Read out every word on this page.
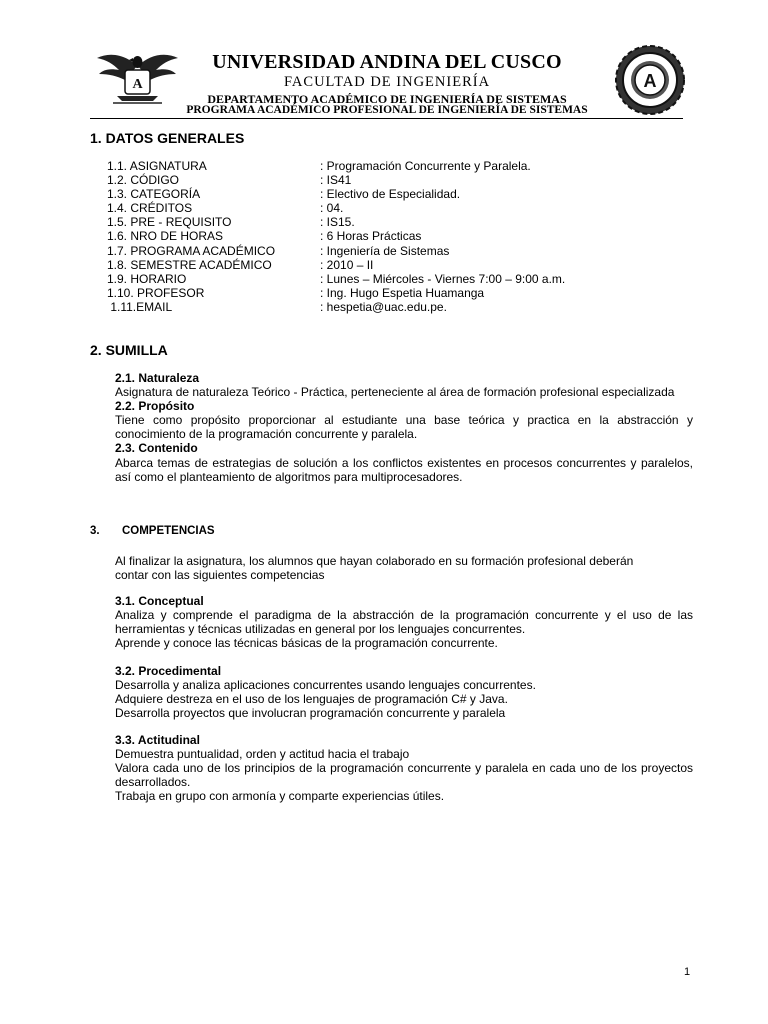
A
UNIVERSIDAD ANDINA DEL CUSCO
FACULTAD DE INGENIERÍA
DEPARTAMENTO ACADÉMICO DE INGENIERÍA DE SISTEMAS
PROGRAMA ACADÉMICO PROFESIONAL DE INGENIERÍA DE SISTEMAS
A
1. DATOS GENERALES
1.1. ASIGNATURA	: Programación Concurrente y Paralela.
1.2. CÓDIGO	: IS41
1.3. CATEGORÍA	: Electivo de Especialidad.
1.4. CRÉDITOS	: 04.
1.5. PRE - REQUISITO	: IS15.
1.6. NRO DE HORAS	: 6 Horas Prácticas
1.7. PROGRAMA ACADÉMICO	: Ingeniería de Sistemas
1.8. SEMESTRE ACADÉMICO	: 2010 – II
1.9. HORARIO	: Lunes – Miércoles - Viernes 7:00 – 9:00 a.m.
1.10. PROFESOR	: Ing. Hugo Espetia Huamanga
1.11.EMAIL	: hespetia@uac.edu.pe.
2. SUMILLA

2.1. Naturaleza

Asignatura de naturaleza Teórico - Práctica, perteneciente al área de formación profesional especializada

2.2. Propósito

Tiene como propósito proporcionar al estudiante una base teórica y practica en la abstracción y conocimiento de la programación concurrente y paralela.

2.3. Contenido

Abarca temas de estrategias de solución a los conflictos existentes en procesos concurrentes y paralelos, así como el planteamiento de algoritmos para multiprocesadores.

3.       COMPETENCIAS

Al finalizar la asignatura, los alumnos que hayan colaborado en su formación profesional deberán

contar con las siguientes competencias

3.1. Conceptual

Analiza y comprende el paradigma de la abstracción de la programación concurrente y el uso de las herramientas y técnicas utilizadas en general por los lenguajes concurrentes.

Aprende y conoce las técnicas básicas de la programación concurrente.

3.2. Procedimental

Desarrolla y analiza aplicaciones concurrentes usando lenguajes concurrentes.

Adquiere destreza en el uso de los lenguajes de programación C# y Java.

Desarrolla proyectos que involucran programación concurrente y paralela

3.3. Actitudinal

Demuestra puntualidad, orden y actitud hacia el trabajo

Valora cada uno de los principios de la programación concurrente y paralela en cada uno de los proyectos desarrollados.

Trabaja en grupo con armonía y comparte experiencias útiles.

1
